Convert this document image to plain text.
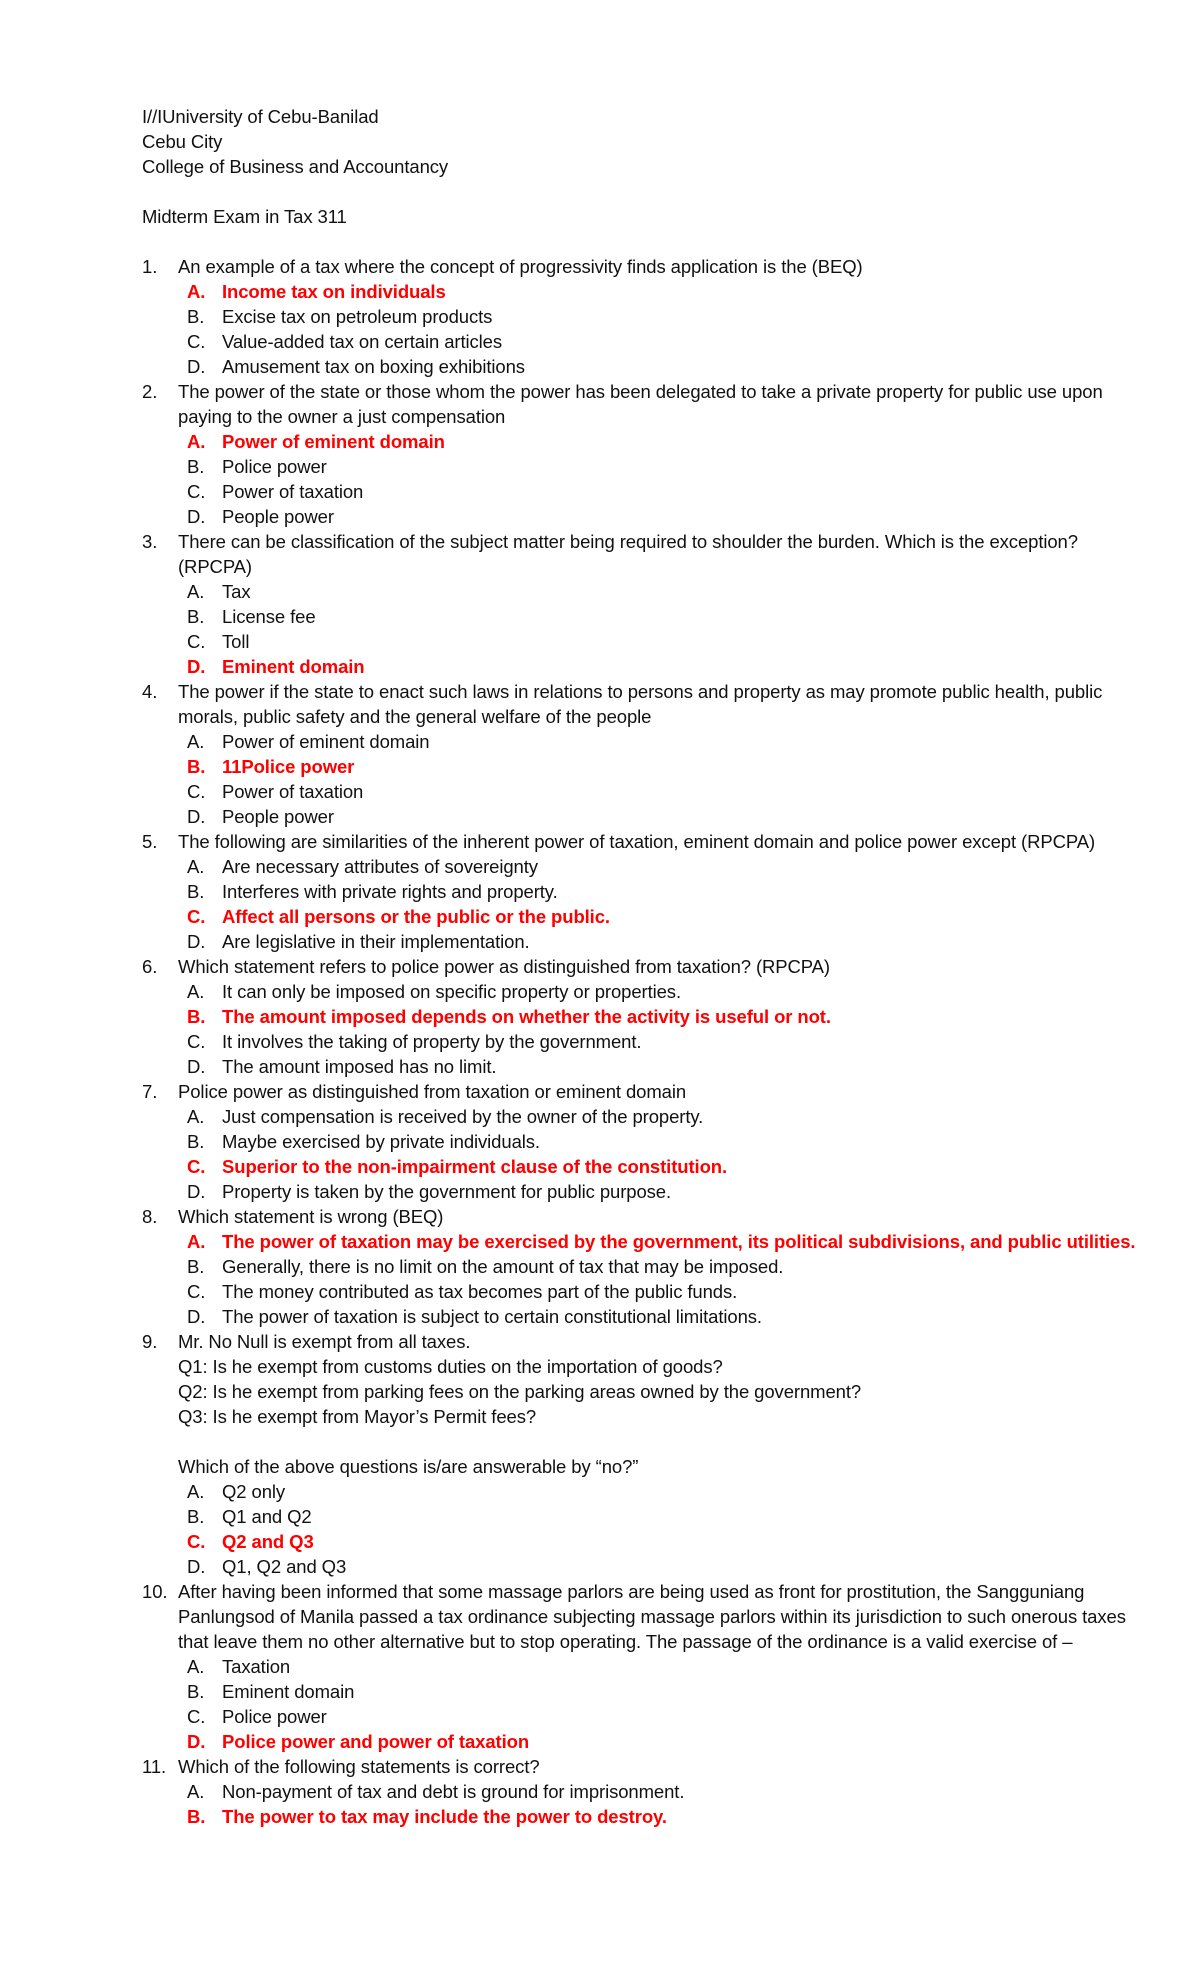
I//IUniversity of Cebu-Banilad
Cebu City
College of Business and Accountancy
Midterm Exam in Tax 311
1. An example of a tax where the concept of progressivity finds application is the (BEQ)
A. Income tax on individuals
B. Excise tax on petroleum products
C. Value-added tax on certain articles
D. Amusement tax on boxing exhibitions
2. The power of the state or those whom the power has been delegated to take a private property for public use upon paying to the owner a just compensation
A. Power of eminent domain
B. Police power
C. Power of taxation
D. People power
3. There can be classification of the subject matter being required to shoulder the burden. Which is the exception? (RPCPA)
A. Tax
B. License fee
C. Toll
D. Eminent domain
4. The power if the state to enact such laws in relations to persons and property as may promote public health, public morals, public safety and the general welfare of the people
A. Power of eminent domain
B. 11Police power
C. Power of taxation
D. People power
5. The following are similarities of the inherent power of taxation, eminent domain and police power except (RPCPA)
A. Are necessary attributes of sovereignty
B. Interferes with private rights and property.
C. Affect all persons or the public or the public.
D. Are legislative in their implementation.
6. Which statement refers to police power as distinguished from taxation? (RPCPA)
A. It can only be imposed on specific property or properties.
B. The amount imposed depends on whether the activity is useful or not.
C. It involves the taking of property by the government.
D. The amount imposed has no limit.
7. Police power as distinguished from taxation or eminent domain
A. Just compensation is received by the owner of the property.
B. Maybe exercised by private individuals.
C. Superior to the non-impairment clause of the constitution.
D. Property is taken by the government for public purpose.
8. Which statement is wrong (BEQ)
A. The power of taxation may be exercised by the government, its political subdivisions, and public utilities.
B. Generally, there is no limit on the amount of tax that may be imposed.
C. The money contributed as tax becomes part of the public funds.
D. The power of taxation is subject to certain constitutional limitations.
9. Mr. No Null is exempt from all taxes.
Q1: Is he exempt from customs duties on the importation of goods?
Q2: Is he exempt from parking fees on the parking areas owned by the government?
Q3: Is he exempt from Mayor’s Permit fees?
Which of the above questions is/are answerable by “no?”
A. Q2 only
B. Q1 and Q2
C. Q2 and Q3
D. Q1, Q2 and Q3
10. After having been informed that some massage parlors are being used as front for prostitution, the Sangguniang Panlungsod of Manila passed a tax ordinance subjecting massage parlors within its jurisdiction to such onerous taxes that leave them no other alternative but to stop operating. The passage of the ordinance is a valid exercise of –
A. Taxation
B. Eminent domain
C. Police power
D. Police power and power of taxation
11. Which of the following statements is correct?
A. Non-payment of tax and debt is ground for imprisonment.
B. The power to tax may include the power to destroy.
